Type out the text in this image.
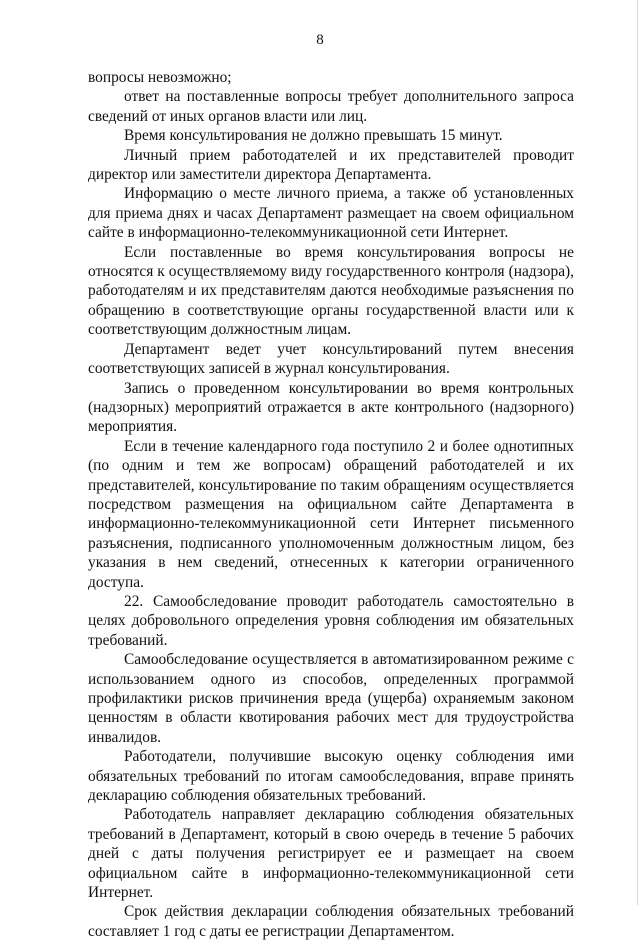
8

вопросы невозможно;

ответ на поставленные вопросы требует дополнительного запроса сведений от иных органов власти или лиц.

Время консультирования не должно превышать 15 минут.

Личный прием работодателей и их представителей проводит директор или заместители директора Департамента.

Информацию о месте личного приема, а также об установленных для приема днях и часах Департамент размещает на своем официальном сайте в информационно-телекоммуникационной сети Интернет.

Если поставленные во время консультирования вопросы не относятся к осуществляемому виду государственного контроля (надзора), работодателям и их представителям даются необходимые разъяснения по обращению в соответствующие органы государственной власти или к соответствующим должностным лицам.

Департамент ведет учет консультирований путем внесения соответствующих записей в журнал консультирования.

Запись о проведенном консультировании во время контрольных (надзорных) мероприятий отражается в акте контрольного (надзорного) мероприятия.

Если в течение календарного года поступило 2 и более однотипных (по одним и тем же вопросам) обращений работодателей и их представителей, консультирование по таким обращениям осуществляется посредством размещения на официальном сайте Департамента в информационно-телекоммуникационной сети Интернет письменного разъяснения, подписанного уполномоченным должностным лицом, без указания в нем сведений, отнесенных к категории ограниченного доступа.

22. Самообследование проводит работодатель самостоятельно в целях добровольного определения уровня соблюдения им обязательных требований.

Самообследование осуществляется в автоматизированном режиме с использованием одного из способов, определенных программой профилактики рисков причинения вреда (ущерба) охраняемым законом ценностям в области квотирования рабочих мест для трудоустройства инвалидов.

Работодатели, получившие высокую оценку соблюдения ими обязательных требований по итогам самообследования, вправе принять декларацию соблюдения обязательных требований.

Работодатель направляет декларацию соблюдения обязательных требований в Департамент, который в свою очередь в течение 5 рабочих дней с даты получения регистрирует ее и размещает на своем официальном сайте в информационно-телекоммуникационной сети Интернет.

Срок действия декларации соблюдения обязательных требований составляет 1 год с даты ее регистрации Департаментом.
